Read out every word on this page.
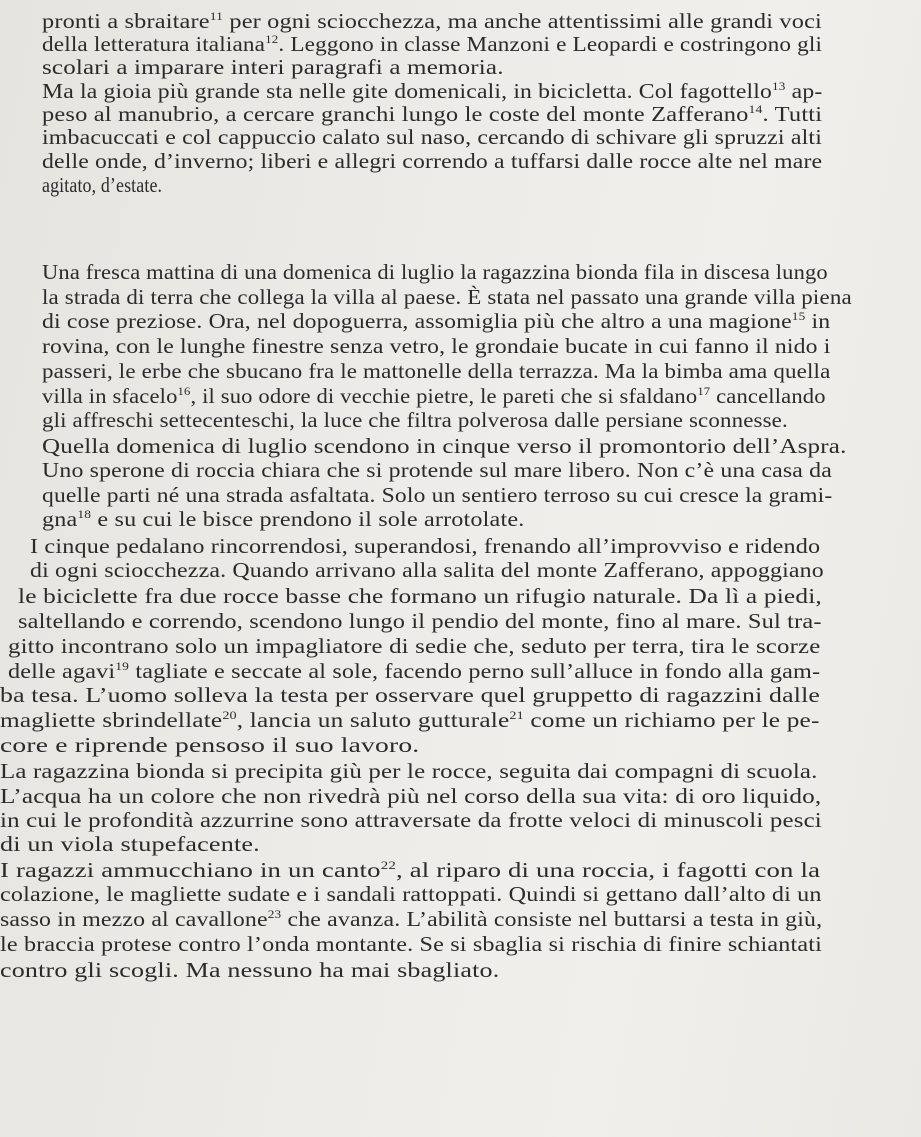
pronti a sbraitare$^{11}$ per ogni sciocchezza, ma anche attentissimi alle grandi voci
della letteratura italiana$^{12}$. Leggono in classe Manzoni e Leopardi e costringono gli
scolari a imparare interi paragrafi a memoria.
Ma la gioia più grande sta nelle gite domenicali, in bicicletta. Col fagottello$^{13}$ ap-
peso al manubrio, a cercare granchi lungo le coste del monte Zafferano$^{14}$. Tutti
imbacuccati e col cappuccio calato sul naso, cercando di schivare gli spruzzi alti
delle onde, d’inverno; liberi e allegri correndo a tuffarsi dalle rocce alte nel mare
agitato, d’estate.
Una fresca mattina di una domenica di luglio la ragazzina bionda fila in discesa lungo
la strada di terra che collega la villa al paese. È stata nel passato una grande villa piena
di cose preziose. Ora, nel dopoguerra, assomiglia più che altro a una magione$^{15}$ in
rovina, con le lunghe finestre senza vetro, le grondaie bucate in cui fanno il nido i
passeri, le erbe che sbucano fra le mattonelle della terrazza. Ma la bimba ama quella
villa in sfacelo$^{16}$, il suo odore di vecchie pietre, le pareti che si sfaldano$^{17}$ cancellando
gli affreschi settecenteschi, la luce che filtra polverosa dalle persiane sconnesse.
Quella domenica di luglio scendono in cinque verso il promontorio dell’Aspra.
Uno sperone di roccia chiara che si protende sul mare libero. Non c’è una casa da
quelle parti né una strada asfaltata. Solo un sentiero terroso su cui cresce la grami-
gna$^{18}$ e su cui le bisce prendono il sole arrotolate.
I cinque pedalano rincorrendosi, superandosi, frenando all’improvviso e ridendo
di ogni sciocchezza. Quando arrivano alla salita del monte Zafferano, appoggiano
le biciclette fra due rocce basse che formano un rifugio naturale. Da lì a piedi,
saltellando e correndo, scendono lungo il pendio del monte, fino al mare. Sul tra-
gitto incontrano solo un impagliatore di sedie che, seduto per terra, tira le scorze
delle agavi$^{19}$ tagliate e seccate al sole, facendo perno sull’alluce in fondo alla gam-
ba tesa. L’uomo solleva la testa per osservare quel gruppetto di ragazzini dalle
magliette sbrindellate$^{20}$, lancia un saluto gutturale$^{21}$ come un richiamo per le pe-
core e riprende pensoso il suo lavoro.
La ragazzina bionda si precipita giù per le rocce, seguita dai compagni di scuola.
L’acqua ha un colore che non rivedrà più nel corso della sua vita: di oro liquido,
in cui le profondità azzurrine sono attraversate da frotte veloci di minuscoli pesci
di un viola stupefacente.
I ragazzi ammucchiano in un canto$^{22}$, al riparo di una roccia, i fagotti con la
colazione, le magliette sudate e i sandali rattoppati. Quindi si gettano dall’alto di un
sasso in mezzo al cavallone$^{23}$ che avanza. L’abilità consiste nel buttarsi a testa in giù,
le braccia protese contro l’onda montante. Se si sbaglia si rischia di finire schiantati
contro gli scogli. Ma nessuno ha mai sbagliato.
